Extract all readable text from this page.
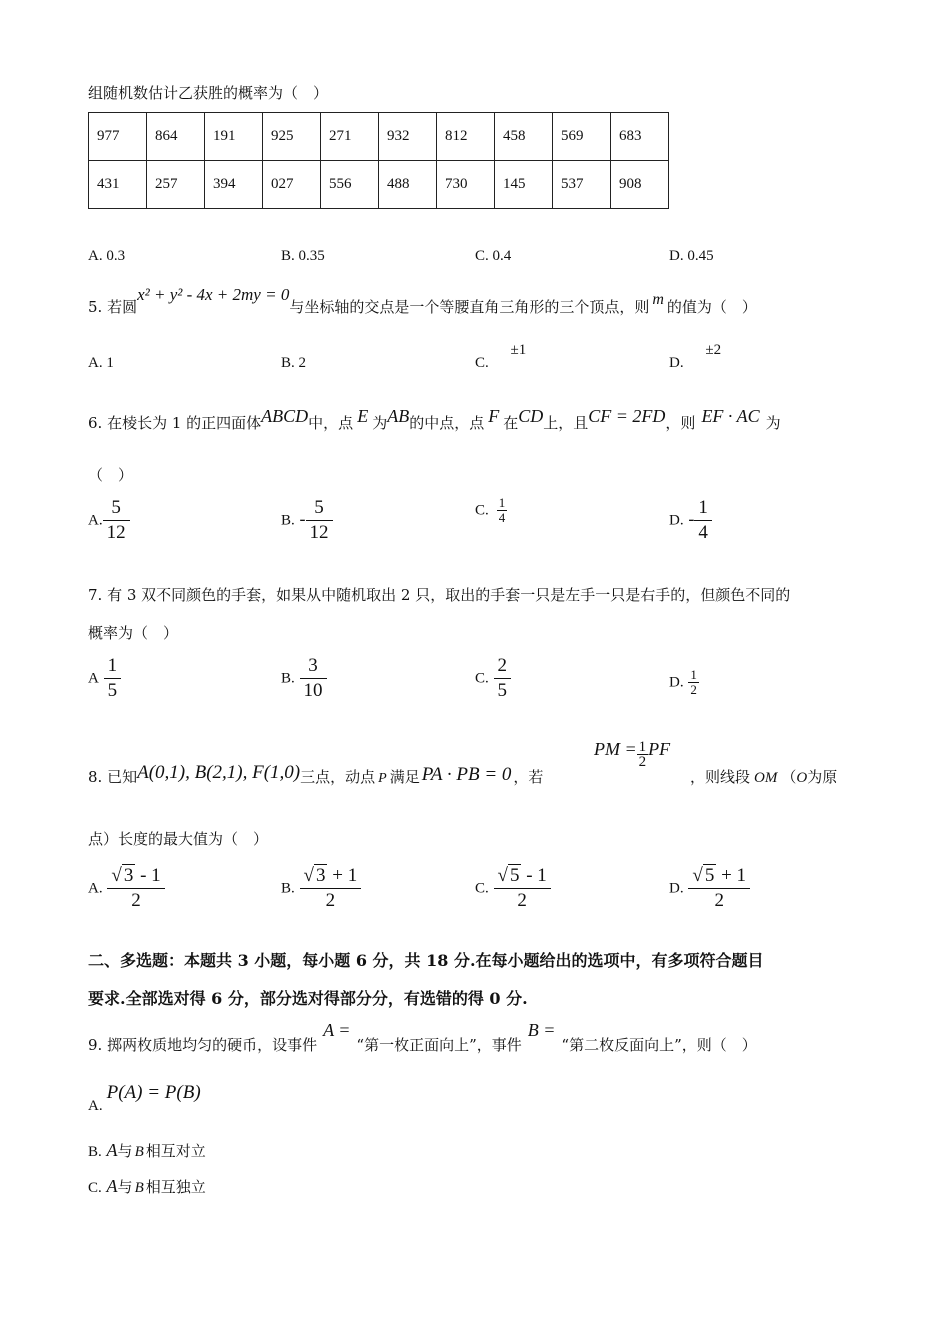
组随机数估计乙获胜的概率为（　）
977	864	191	925	271	932	812	458	569	683
431	257	394	027	556	488	730	145	537	908
A. 0.3	B. 0.35	C. 0.4	D. 0.45
5. 若圆x² + y² - 4x + 2my = 0与坐标轴的交点是一个等腰直角三角形的三个顶点，则 m 的值为（　）
A. 1	B. 2	C. ±1
D. ±2
6. 在棱长为 1 的正四面体ABCD中，点 E 为AB的中点，点 F 在CD上，且CF = 2FD，则 EF · AC 为
（　）
A. $\frac{5}{12}$	B. - $\frac{5}{12}$	C. $\frac{1}{4}$	D. - $\frac{1}{4}$
7. 有 3 双不同颜色的手套，如果从中随机取出 2 只，取出的手套一只是左手一只是右手的，但颜色不同的
概率为（　）
A $\frac{1}{5}$	B. $\frac{3}{10}$	C. $\frac{2}{5}$	D. $\frac{1}{2}$
8. 已知A(0,1), B(2,1), F(1,0)三点，动点 P 满足 PA · PB = 0 ，若
PM = $\frac{1}{2}$ PF
，则线段 OM （O为原
点）长度的最大值为（　）
A. $\frac{√ 3 - 1}{2}$	B. $\frac{√ 3 + 1}{2}$	C. $\frac{√ 5 - 1}{2}$	D. $\frac{√ 5 + 1}{2}$
二、多选题：本题共 3 小题，每小题 6 分，共 18 分.在每小题给出的选项中，有多项符合题目
要求.全部选对得 6 分，部分选对得部分分，有选错的得 0 分.
9. 掷两枚质地均匀的硬币，设事件A =“第一枚正面向上”，事件B =“第二枚反面向上”，则（　）
A.P(A) = P(B)
B. A与 B 相互对立
C. A与 B 相互独立
